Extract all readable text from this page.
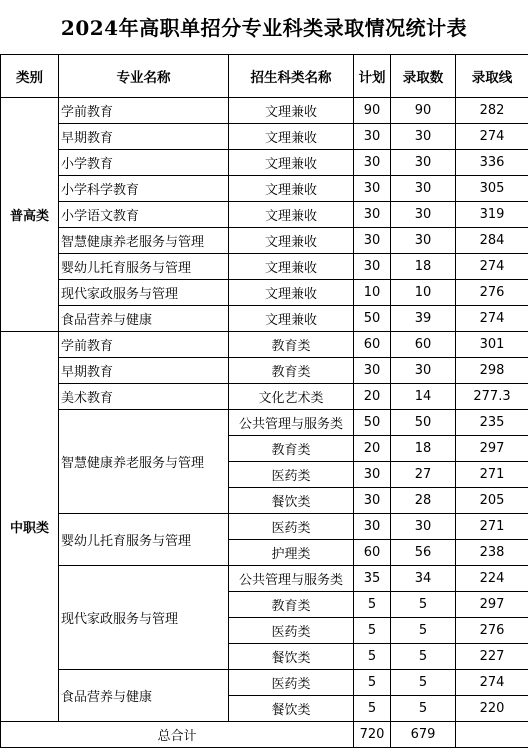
2024年高职单招分专业科类录取情况统计表
类别	专业名称	招生科类名称	计划	录取数	录取线
普高类	学前教育	文理兼收	90	90	282
	早期教育	文理兼收	30	30	274
	小学教育	文理兼收	30	30	336
	小学科学教育	文理兼收	30	30	305
	小学语文教育	文理兼收	30	30	319
	智慧健康养老服务与管理	文理兼收	30	30	284
	婴幼儿托育服务与管理	文理兼收	30	18	274
	现代家政服务与管理	文理兼收	10	10	276
	食品营养与健康	文理兼收	50	39	274
中职类	学前教育	教育类	60	60	301
	早期教育	教育类	30	30	298
	美术教育	文化艺术类	20	14	277.3
	智慧健康养老服务与管理	公共管理与服务类	50	50	235
		教育类	20	18	297
		医药类	30	27	271
		餐饮类	30	28	205
	婴幼儿托育服务与管理	医药类	30	30	271
		护理类	60	56	238
	现代家政服务与管理	公共管理与服务类	35	34	224
		教育类	5	5	297
		医药类	5	5	276
		餐饮类	5	5	227
	食品营养与健康	医药类	5	5	274
		餐饮类	5	5	220
总合计			720	679	
